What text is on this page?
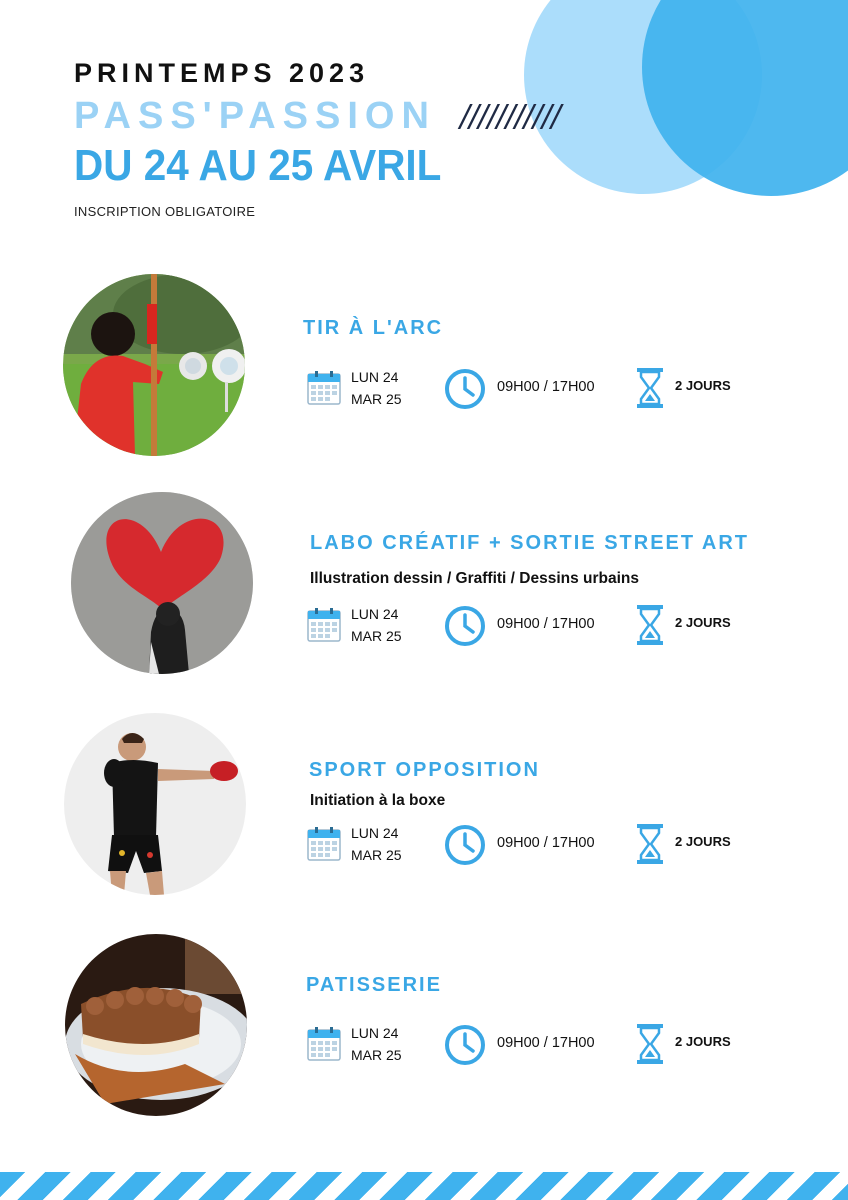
PRINTEMPS 2023

PASS'PASSION ///////////
DU 24 AU 25 AVRIL
INSCRIPTION OBLIGATOIRE
TIR À L'ARC
LUN 24
MAR 25
09H00 / 17H00	2 JOURS
LABO CRÉATIF + SORTIE STREET ART
Illustration dessin / Graffiti / Dessins urbains
LUN 24
MAR 25
09H00 / 17H00	2 JOURS
SPORT OPPOSITION
Initiation à la boxe
LUN 24
MAR 25
09H00 / 17H00	2 JOURS
PATISSERIE
LUN 24
MAR 25
09H00 / 17H00	2 JOURS
